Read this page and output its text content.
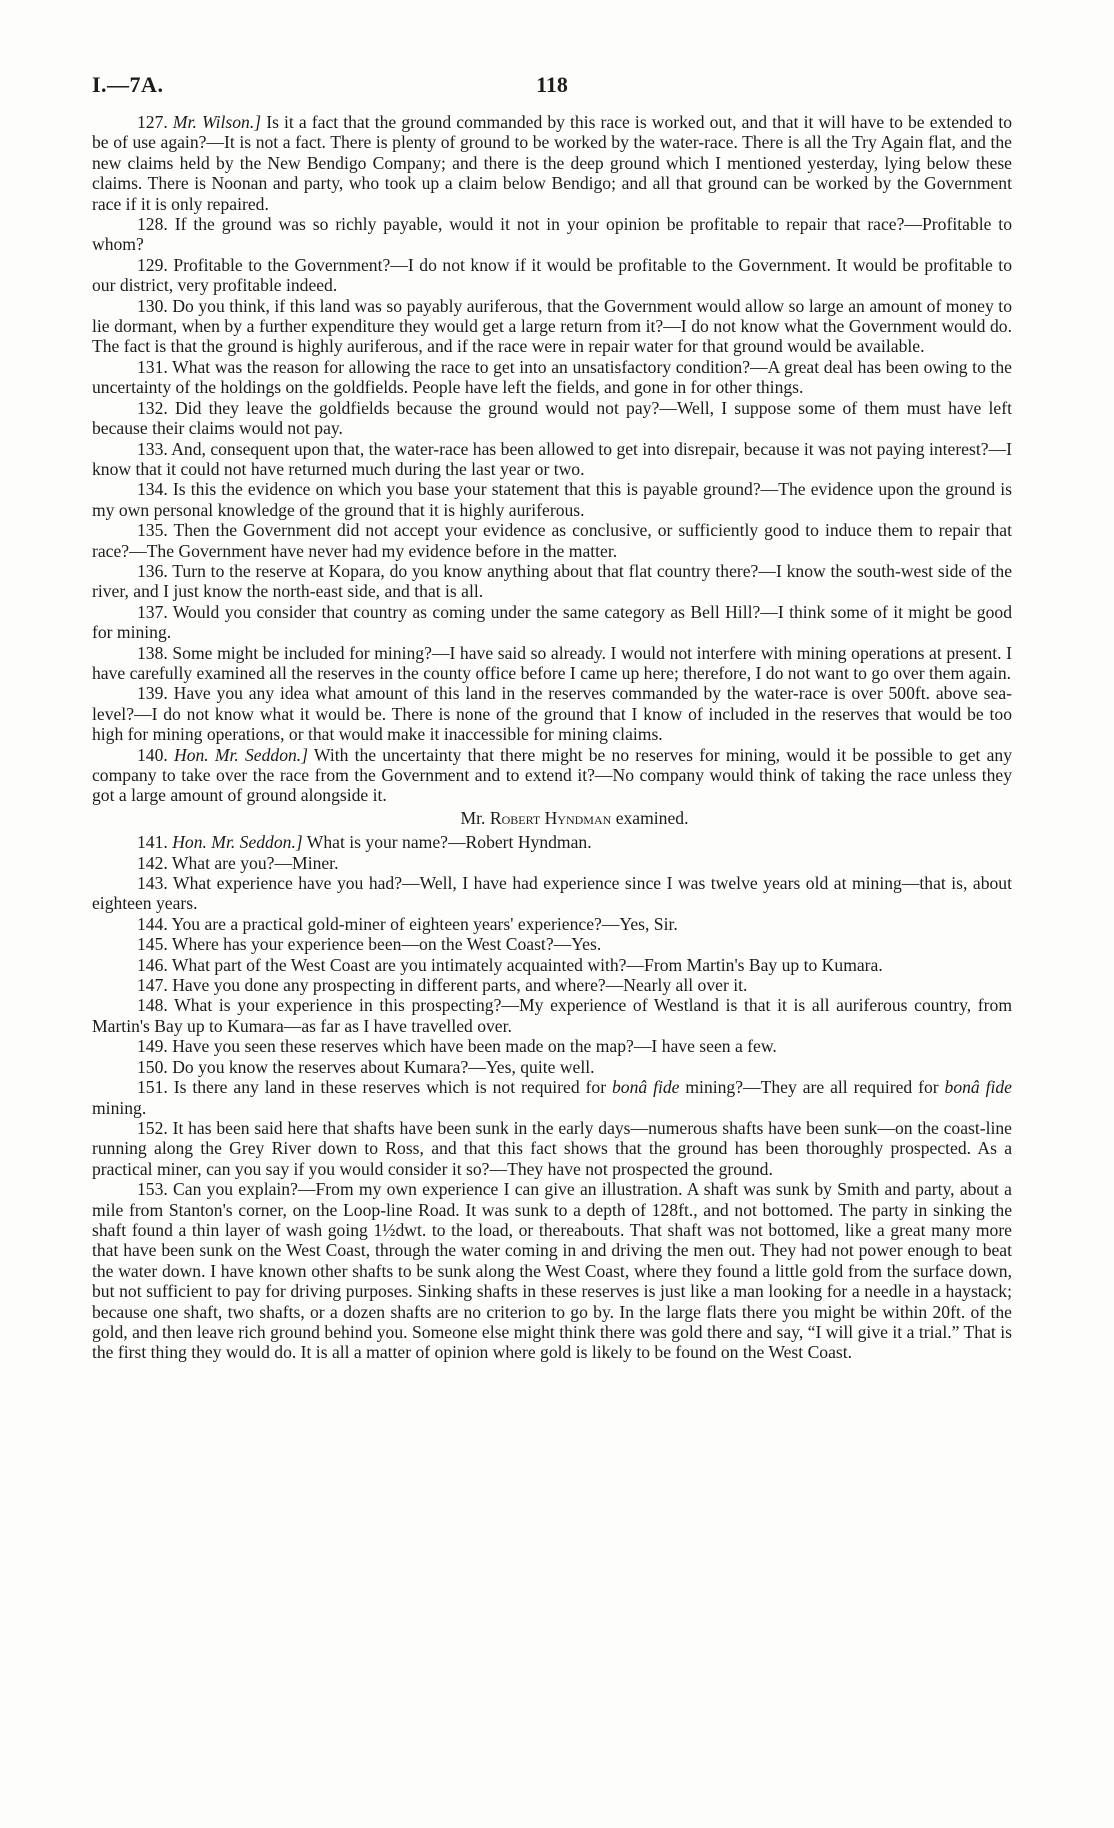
I.—7A.	118

127. Mr. Wilson.] Is it a fact that the ground commanded by this race is worked out, and that it will have to be extended to be of use again?—It is not a fact. There is plenty of ground to be worked by the water-race. There is all the Try Again flat, and the new claims held by the New Bendigo Company; and there is the deep ground which I mentioned yesterday, lying below these claims. There is Noonan and party, who took up a claim below Bendigo; and all that ground can be worked by the Government race if it is only repaired.

128. If the ground was so richly payable, would it not in your opinion be profitable to repair that race?—Profitable to whom?

129. Profitable to the Government?—I do not know if it would be profitable to the Government. It would be profitable to our district, very profitable indeed.

130. Do you think, if this land was so payably auriferous, that the Government would allow so large an amount of money to lie dormant, when by a further expenditure they would get a large return from it?—I do not know what the Government would do. The fact is that the ground is highly auriferous, and if the race were in repair water for that ground would be available.

131. What was the reason for allowing the race to get into an unsatisfactory condition?—A great deal has been owing to the uncertainty of the holdings on the goldfields. People have left the fields, and gone in for other things.

132. Did they leave the goldfields because the ground would not pay?—Well, I suppose some of them must have left because their claims would not pay.

133. And, consequent upon that, the water-race has been allowed to get into disrepair, because it was not paying interest?—I know that it could not have returned much during the last year or two.

134. Is this the evidence on which you base your statement that this is payable ground?—The evidence upon the ground is my own personal knowledge of the ground that it is highly auriferous.

135. Then the Government did not accept your evidence as conclusive, or sufficiently good to induce them to repair that race?—The Government have never had my evidence before in the matter.

136. Turn to the reserve at Kopara, do you know anything about that flat country there?—I know the south-west side of the river, and I just know the north-east side, and that is all.

137. Would you consider that country as coming under the same category as Bell Hill?—I think some of it might be good for mining.

138. Some might be included for mining?—I have said so already. I would not interfere with mining operations at present. I have carefully examined all the reserves in the county office before I came up here; therefore, I do not want to go over them again.

139. Have you any idea what amount of this land in the reserves commanded by the water-race is over 500ft. above sea-level?—I do not know what it would be. There is none of the ground that I know of included in the reserves that would be too high for mining operations, or that would make it inaccessible for mining claims.

140. Hon. Mr. Seddon.] With the uncertainty that there might be no reserves for mining, would it be possible to get any company to take over the race from the Government and to extend it?—No company would think of taking the race unless they got a large amount of ground alongside it.

Mr. Robert Hyndman examined.

141. Hon. Mr. Seddon.] What is your name?—Robert Hyndman.

142. What are you?—Miner.

143. What experience have you had?—Well, I have had experience since I was twelve years old at mining—that is, about eighteen years.

144. You are a practical gold-miner of eighteen years' experience?—Yes, Sir.

145. Where has your experience been—on the West Coast?—Yes.

146. What part of the West Coast are you intimately acquainted with?—From Martin's Bay up to Kumara.

147. Have you done any prospecting in different parts, and where?—Nearly all over it.

148. What is your experience in this prospecting?—My experience of Westland is that it is all auriferous country, from Martin's Bay up to Kumara—as far as I have travelled over.

149. Have you seen these reserves which have been made on the map?—I have seen a few.

150. Do you know the reserves about Kumara?—Yes, quite well.

151. Is there any land in these reserves which is not required for bonâ fide mining?—They are all required for bonâ fide mining.

152. It has been said here that shafts have been sunk in the early days—numerous shafts have been sunk—on the coast-line running along the Grey River down to Ross, and that this fact shows that the ground has been thoroughly prospected. As a practical miner, can you say if you would consider it so?—They have not prospected the ground.

153. Can you explain?—From my own experience I can give an illustration. A shaft was sunk by Smith and party, about a mile from Stanton's corner, on the Loop-line Road. It was sunk to a depth of 128ft., and not bottomed. The party in sinking the shaft found a thin layer of wash going 1½dwt. to the load, or thereabouts. That shaft was not bottomed, like a great many more that have been sunk on the West Coast, through the water coming in and driving the men out. They had not power enough to beat the water down. I have known other shafts to be sunk along the West Coast, where they found a little gold from the surface down, but not sufficient to pay for driving purposes. Sinking shafts in these reserves is just like a man looking for a needle in a haystack; because one shaft, two shafts, or a dozen shafts are no criterion to go by. In the large flats there you might be within 20ft. of the gold, and then leave rich ground behind you. Someone else might think there was gold there and say, “I will give it a trial.” That is the first thing they would do. It is all a matter of opinion where gold is likely to be found on the West Coast.
